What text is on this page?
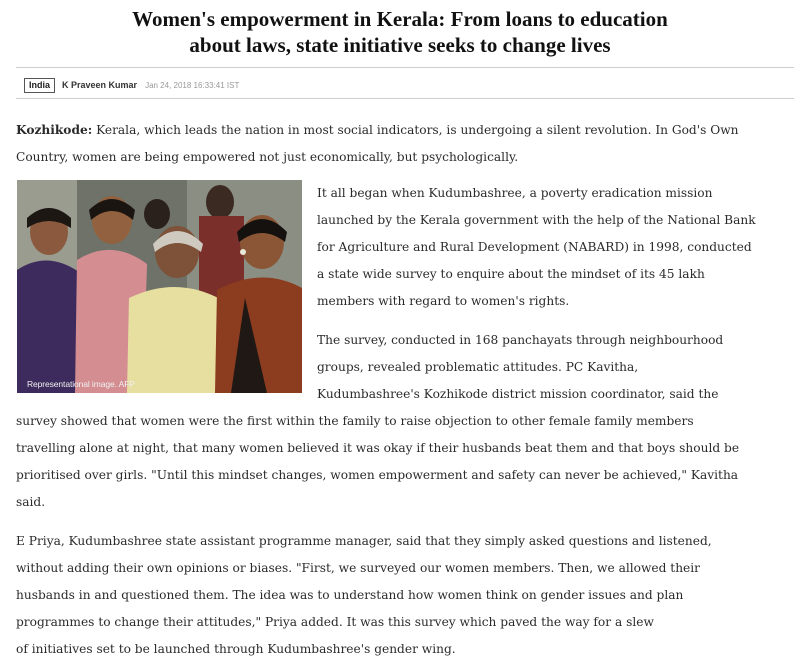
Women's empowerment in Kerala: From loans to education
about laws, state initiative seeks to change lives
India	K Praveen Kumar Jan 24, 2018 16:33:41 IST
Kozhikode: Kerala, which leads the nation in most social indicators, is undergoing a silent revolution. In God's Own
Country, women are being empowered not just economically, but psychologically.
Representational image. AFP
It all began when Kudumbashree, a poverty eradication mission
launched by the Kerala government with the help of the National Bank
for Agriculture and Rural Development (NABARD) in 1998, conducted
a state wide survey to enquire about the mindset of its 45 lakh
members with regard to women's rights.
The survey, conducted in 168 panchayats through neighbourhood
groups, revealed problematic attitudes. PC Kavitha,
Kudumbashree's Kozhikode district mission coordinator, said the
survey showed that women were the first within the family to raise objection to other female family members
travelling alone at night, that many women believed it was okay if their husbands beat them and that boys should be
prioritised over girls. "Until this mindset changes, women empowerment and safety can never be achieved," Kavitha
said.
E Priya, Kudumbashree state assistant programme manager, said that they simply asked questions and listened,
without adding their own opinions or biases. "First, we surveyed our women members. Then, we allowed their
husbands in and questioned them. The idea was to understand how women think on gender issues and plan
programmes to change their attitudes," Priya added. It was this survey which paved the way for a slew
of initiatives set to be launched through Kudumbashree's gender wing.
